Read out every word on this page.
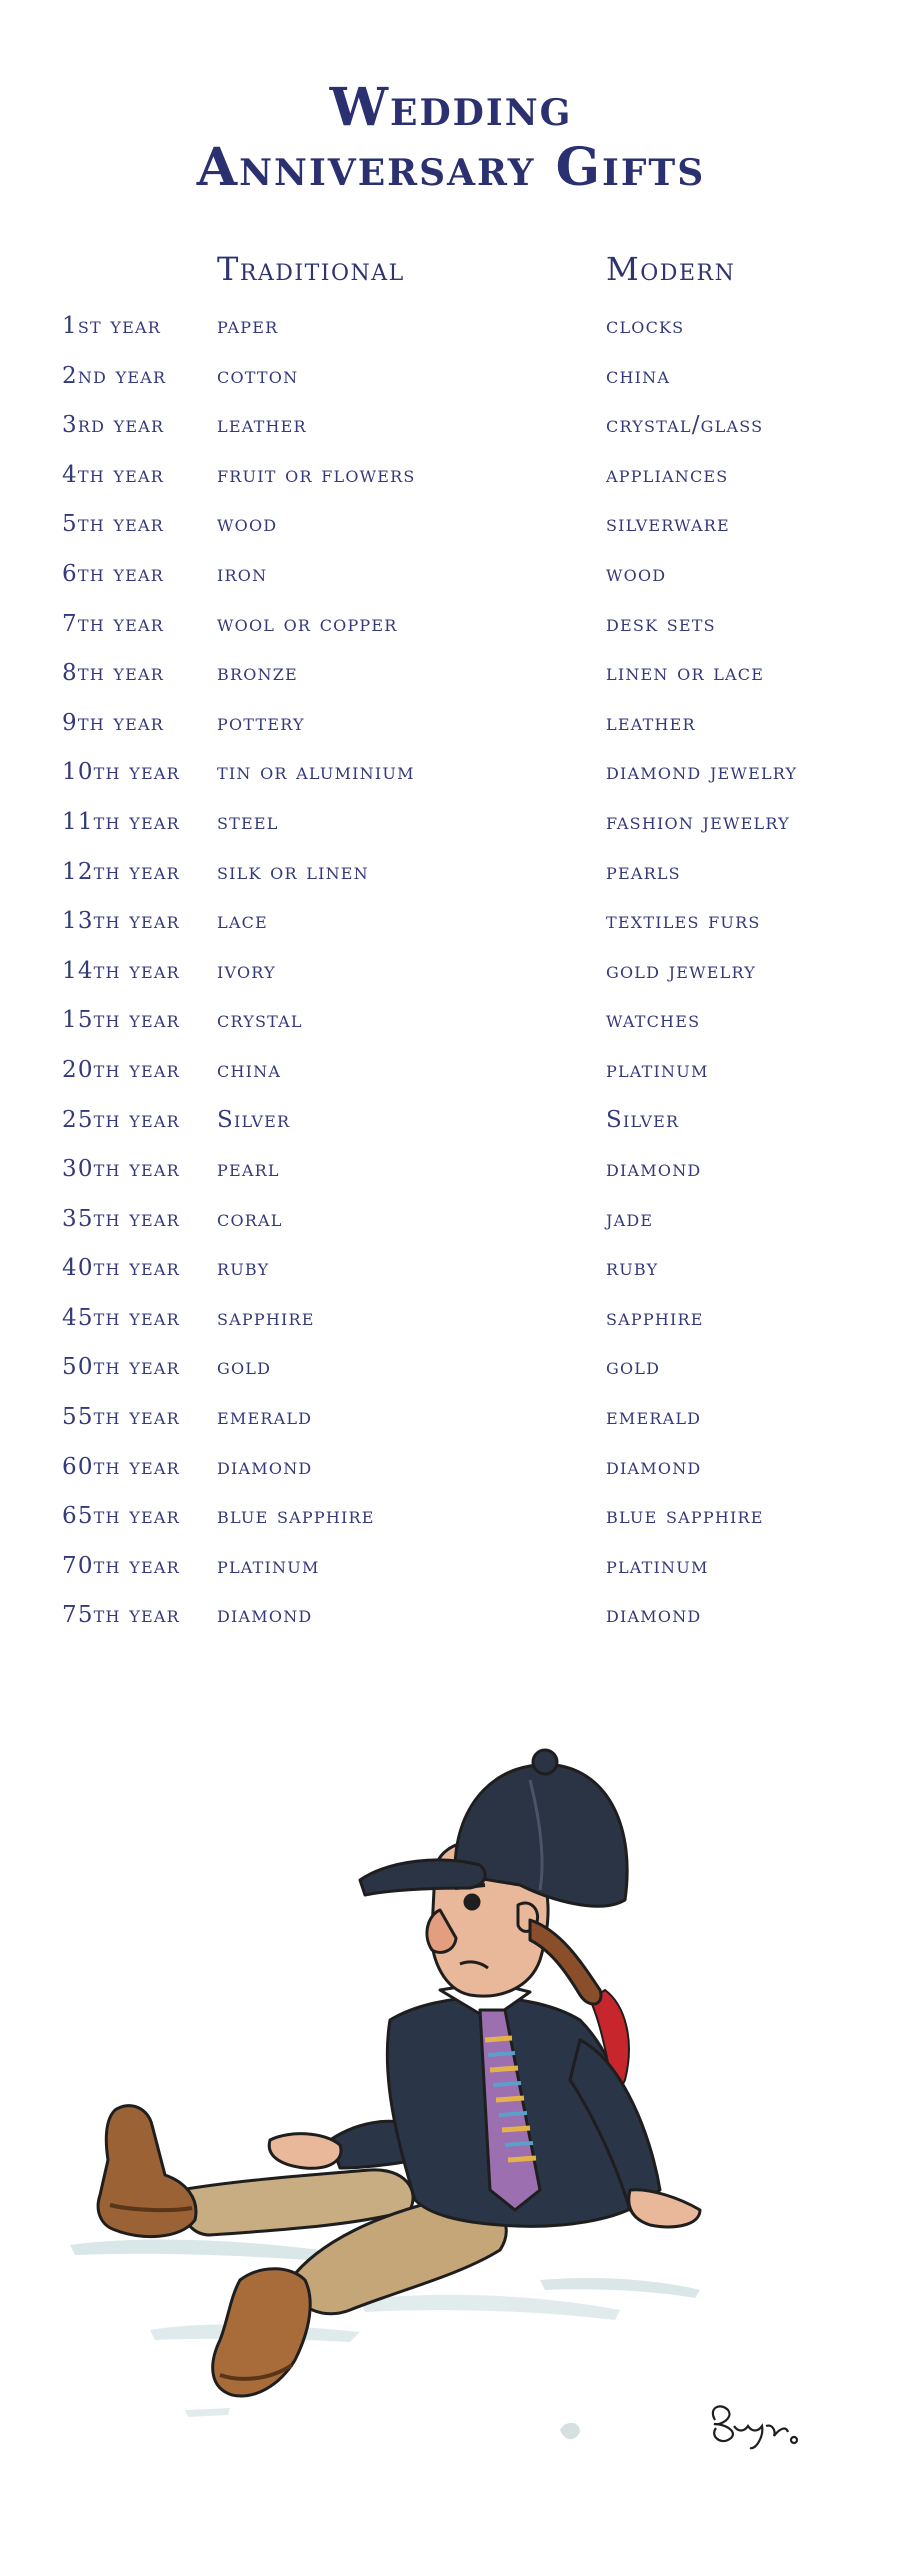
Wedding
Anniversary Gifts
Traditional	Modern
1st year paper	clocks
2nd year cotton	china
3rd year leather	crystal/glass
4th year fruit or flowers	appliances
5th year wood	silverware
6th year iron	wood
7th year wool or copper	desk sets
8th year bronze	linen or lace
9th year pottery	leather
10th year tin or aluminium	diamond jewelry
11th year steel	fashion jewelry
12th year silk or linen	pearls
13th year lace	textiles furs
14th year ivory	gold jewelry
15th year crystal	watches
20th year china	platinum
25th year Silver	Silver
30th year pearl	diamond
35th year coral	jade
40th year ruby	ruby
45th year sapphire	sapphire
50th year gold	gold
55th year emerald	emerald
60th year diamond	diamond
65th year blue sapphire	blue sapphire
70th year platinum	platinum
75th year diamond	diamond
